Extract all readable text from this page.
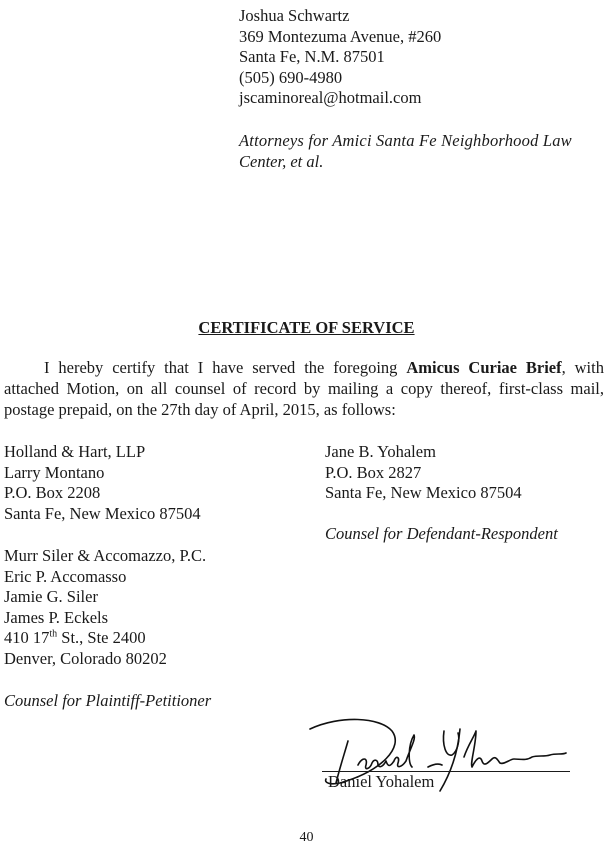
Joshua Schwartz
369 Montezuma Avenue, #260
Santa Fe, N.M. 87501
(505) 690-4980
jscaminoreal@hotmail.com
Attorneys for Amici Santa Fe Neighborhood Law
Center, et al.
CERTIFICATE OF SERVICE
I hereby certify that I have served the foregoing Amicus Curiae Brief, with attached Motion, on all counsel of record by mailing a copy thereof, first-class mail, postage prepaid, on the 27th day of April, 2015, as follows:
Holland & Hart, LLP
Larry Montano
P.O. Box 2208
Santa Fe, New Mexico 87504
Murr Siler & Accomazzo, P.C.
Eric P. Accomasso
Jamie G. Siler
James P. Eckels
410 17th St., Ste 2400
Denver, Colorado 80202
Counsel for Plaintiff-Petitioner
Jane B. Yohalem
P.O. Box 2827
Santa Fe, New Mexico 87504
Counsel for Defendant-Respondent
Daniel Yohalem
40
